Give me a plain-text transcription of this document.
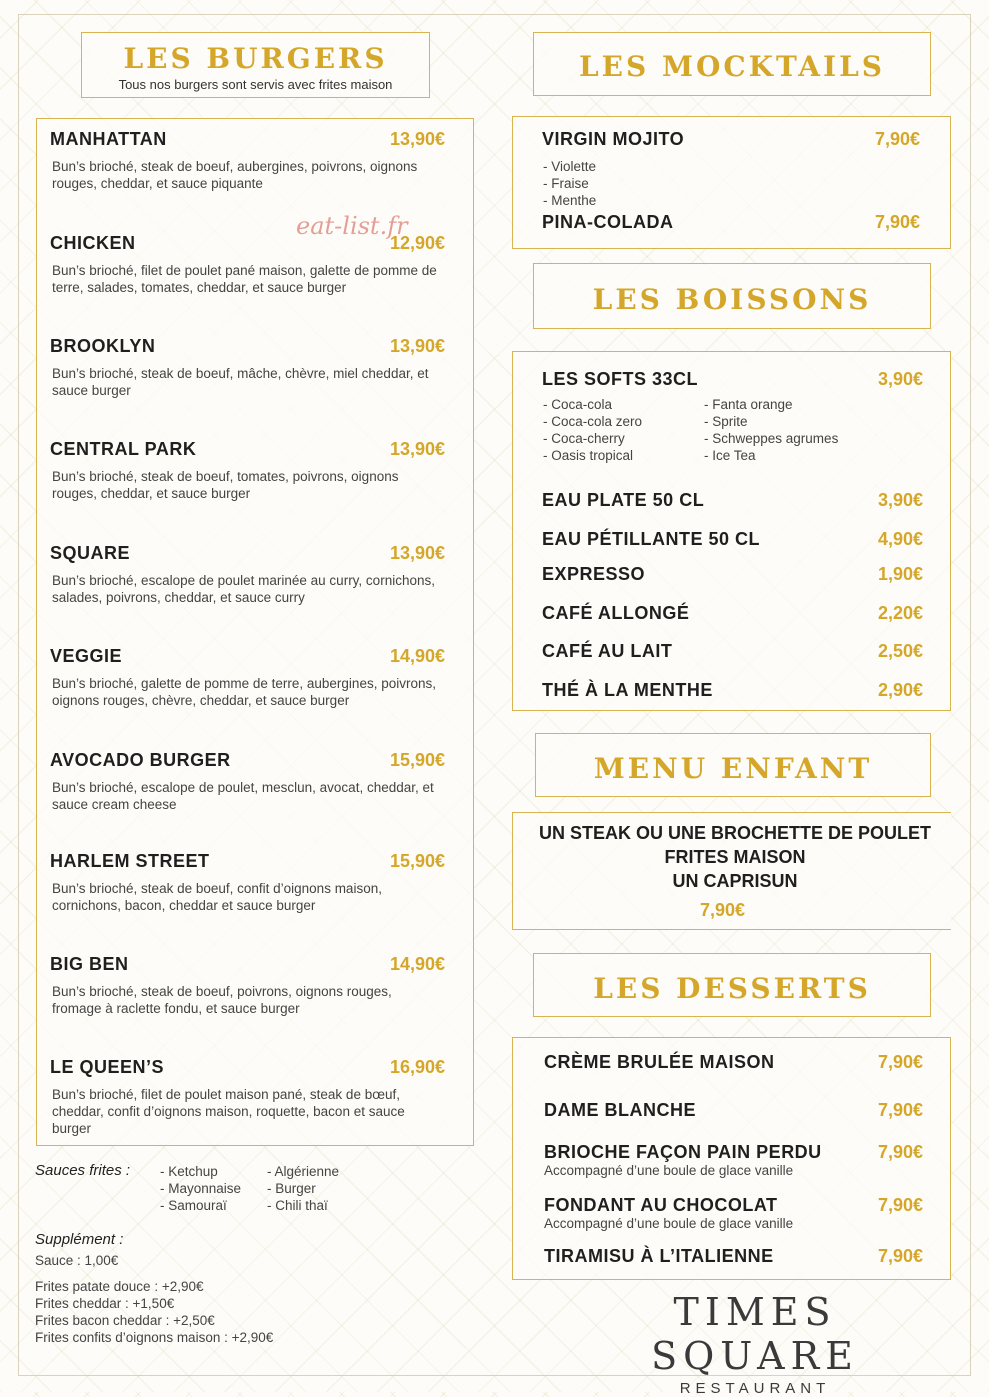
LES BURGERS
Tous nos burgers sont servis avec frites maison
MANHATTAN	13,90€
Bun’s brioché, steak de boeuf, aubergines, poivrons, oignons rouges, cheddar, et sauce piquante
CHICKEN	12,90€
Bun’s brioché, filet de poulet pané maison, galette de pomme de terre, salades, tomates, cheddar, et sauce burger
BROOKLYN	13,90€
Bun’s brioché, steak de boeuf, mâche, chèvre, miel cheddar, et sauce burger
CENTRAL PARK	13,90€
Bun’s brioché, steak de boeuf, tomates, poivrons, oignons rouges, cheddar, et sauce burger
SQUARE	13,90€
Bun’s brioché, escalope de poulet marinée au curry, cornichons, salades, poivrons, cheddar, et sauce curry
VEGGIE	14,90€
Bun’s brioché, galette de pomme de terre, aubergines, poivrons, oignons rouges, chèvre, cheddar, et sauce burger
AVOCADO BURGER	15,90€
Bun’s brioché, escalope de poulet, mesclun, avocat, cheddar, et sauce cream cheese
HARLEM STREET	15,90€
Bun’s brioché, steak de boeuf, confit d’oignons maison, cornichons, bacon, cheddar et sauce burger
BIG BEN	14,90€
Bun’s brioché, steak de boeuf, poivrons, oignons rouges, fromage à raclette fondu, et sauce burger
LE QUEEN’S	16,90€
Bun’s brioché, filet de poulet maison pané, steak de bœuf, cheddar, confit d’oignons maison, roquette, bacon et sauce burger
eat-list.fr
Sauces frites : - Ketchup
- Mayonnaise
- Samouraï
- Algérienne
- Burger
- Chili thaï
Supplément :
Sauce : 1,00€
Frites patate douce : +2,90€
Frites cheddar : +1,50€
Frites bacon cheddar : +2,50€
Frites confits d’oignons maison : +2,90€
LES MOCKTAILS
VIRGIN MOJITO	7,90€
- Violette
- Fraise
- Menthe
PINA-COLADA	7,90€
LES BOISSONS
LES SOFTS 33CL	3,90€
- Coca-cola
- Coca-cola zero
- Coca-cherry
- Oasis tropical
- Fanta orange
- Sprite
- Schweppes agrumes
- Ice Tea
EAU PLATE 50 CL	3,90€
EAU PÉTILLANTE 50 CL	4,90€
EXPRESSO	1,90€
CAFÉ ALLONGÉ	2,20€
CAFÉ AU LAIT	2,50€
THÉ À LA MENTHE	2,90€
MENU ENFANT
UN STEAK OU UNE BROCHETTE DE POULET
FRITES MAISON
UN CAPRISUN
7,90€
LES DESSERTS
CRÈME BRULÉE MAISON	7,90€
DAME BLANCHE	7,90€
BRIOCHE FAÇON PAIN PERDU	7,90€
Accompagné d’une boule de glace vanille
FONDANT AU CHOCOLAT	7,90€
Accompagné d’une boule de glace vanille
TIRAMISU À L’ITALIENNE	7,90€
TIMES SQUARE
RESTAURANT
